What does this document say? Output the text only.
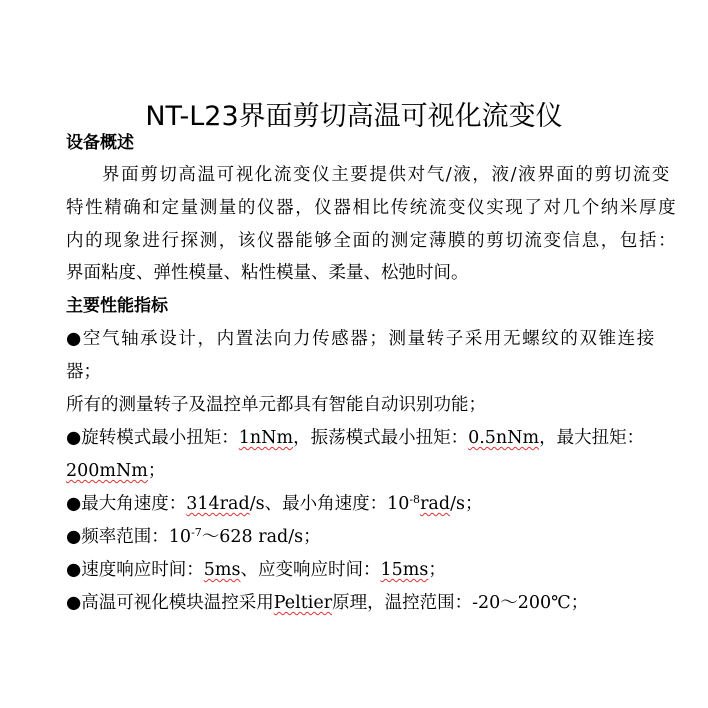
NT-L23界面剪切高温可视化流变仪
设备概述
界面剪切高温可视化流变仪主要提供对气/液，液/液界面的剪切流变
特性精确和定量测量的仪器，仪器相比传统流变仪实现了对几个纳米厚度
内的现象进行探测，该仪器能够全面的测定薄膜的剪切流变信息，包括：
界面粘度、弹性模量、粘性模量、柔量、松弛时间。
主要性能指标
●空气轴承设计，内置法向力传感器；测量转子采用无螺纹的双锥连接
器；
所有的测量转子及温控单元都具有智能自动识别功能；
●旋转模式最小扭矩：1nNm，振荡模式最小扭矩：0.5nNm，最大扭矩：
200mNm；
●最大角速度：314rad/s、最小角速度：$10^{-8}rad/s$；
●频率范围：$10^{-7}\sim 628$ rad/s；
●速度响应时间：5ms、应变响应时间：15ms；
●高温可视化模块温控采用Peltier原理，温控范围：-20～200℃；
